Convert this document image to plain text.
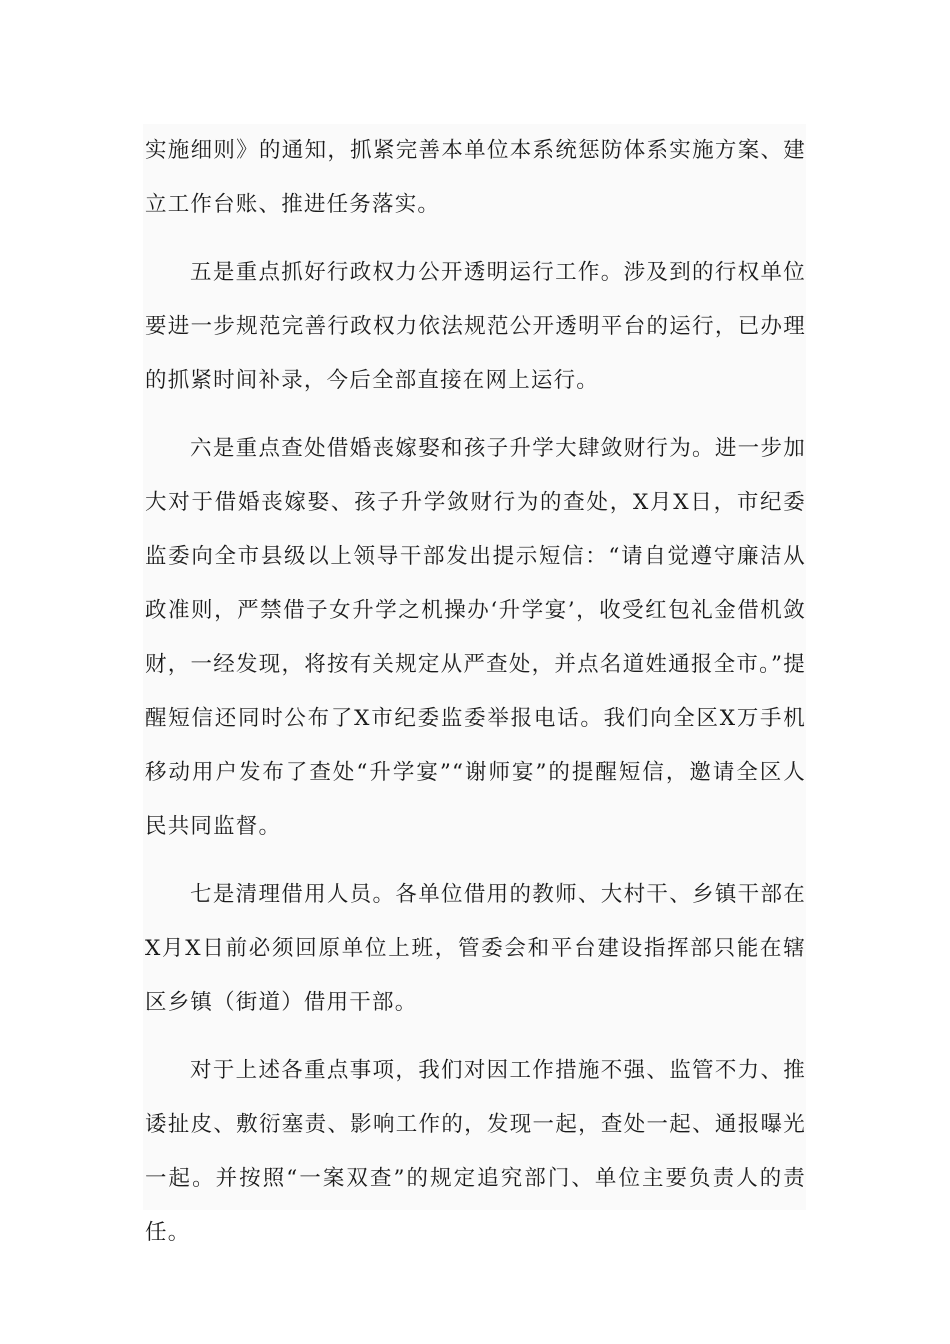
实施细则》的通知，抓紧完善本单位本系统惩防体系实施方案、建立工作台账、推进任务落实。

五是重点抓好行政权力公开透明运行工作。涉及到的行权单位要进一步规范完善行政权力依法规范公开透明平台的运行，已办理的抓紧时间补录，今后全部直接在网上运行。

六是重点查处借婚丧嫁娶和孩子升学大肆敛财行为。进一步加大对于借婚丧嫁娶、孩子升学敛财行为的查处，X月X日，市纪委监委向全市县级以上领导干部发出提示短信：“请自觉遵守廉洁从政准则，严禁借子女升学之机操办‘升学宴’，收受红包礼金借机敛财，一经发现，将按有关规定从严查处，并点名道姓通报全市。”提醒短信还同时公布了X市纪委监委举报电话。我们向全区X万手机移动用户发布了查处“升学宴”“谢师宴”的提醒短信，邀请全区人民共同监督。

七是清理借用人员。各单位借用的教师、大村干、乡镇干部在X月X日前必须回原单位上班，管委会和平台建设指挥部只能在辖区乡镇（街道）借用干部。

对于上述各重点事项，我们对因工作措施不强、监管不力、推诿扯皮、敷衍塞责、影响工作的，发现一起，查处一起、通报曝光一起。并按照“一案双查”的规定追究部门、单位主要负责人的责任。
